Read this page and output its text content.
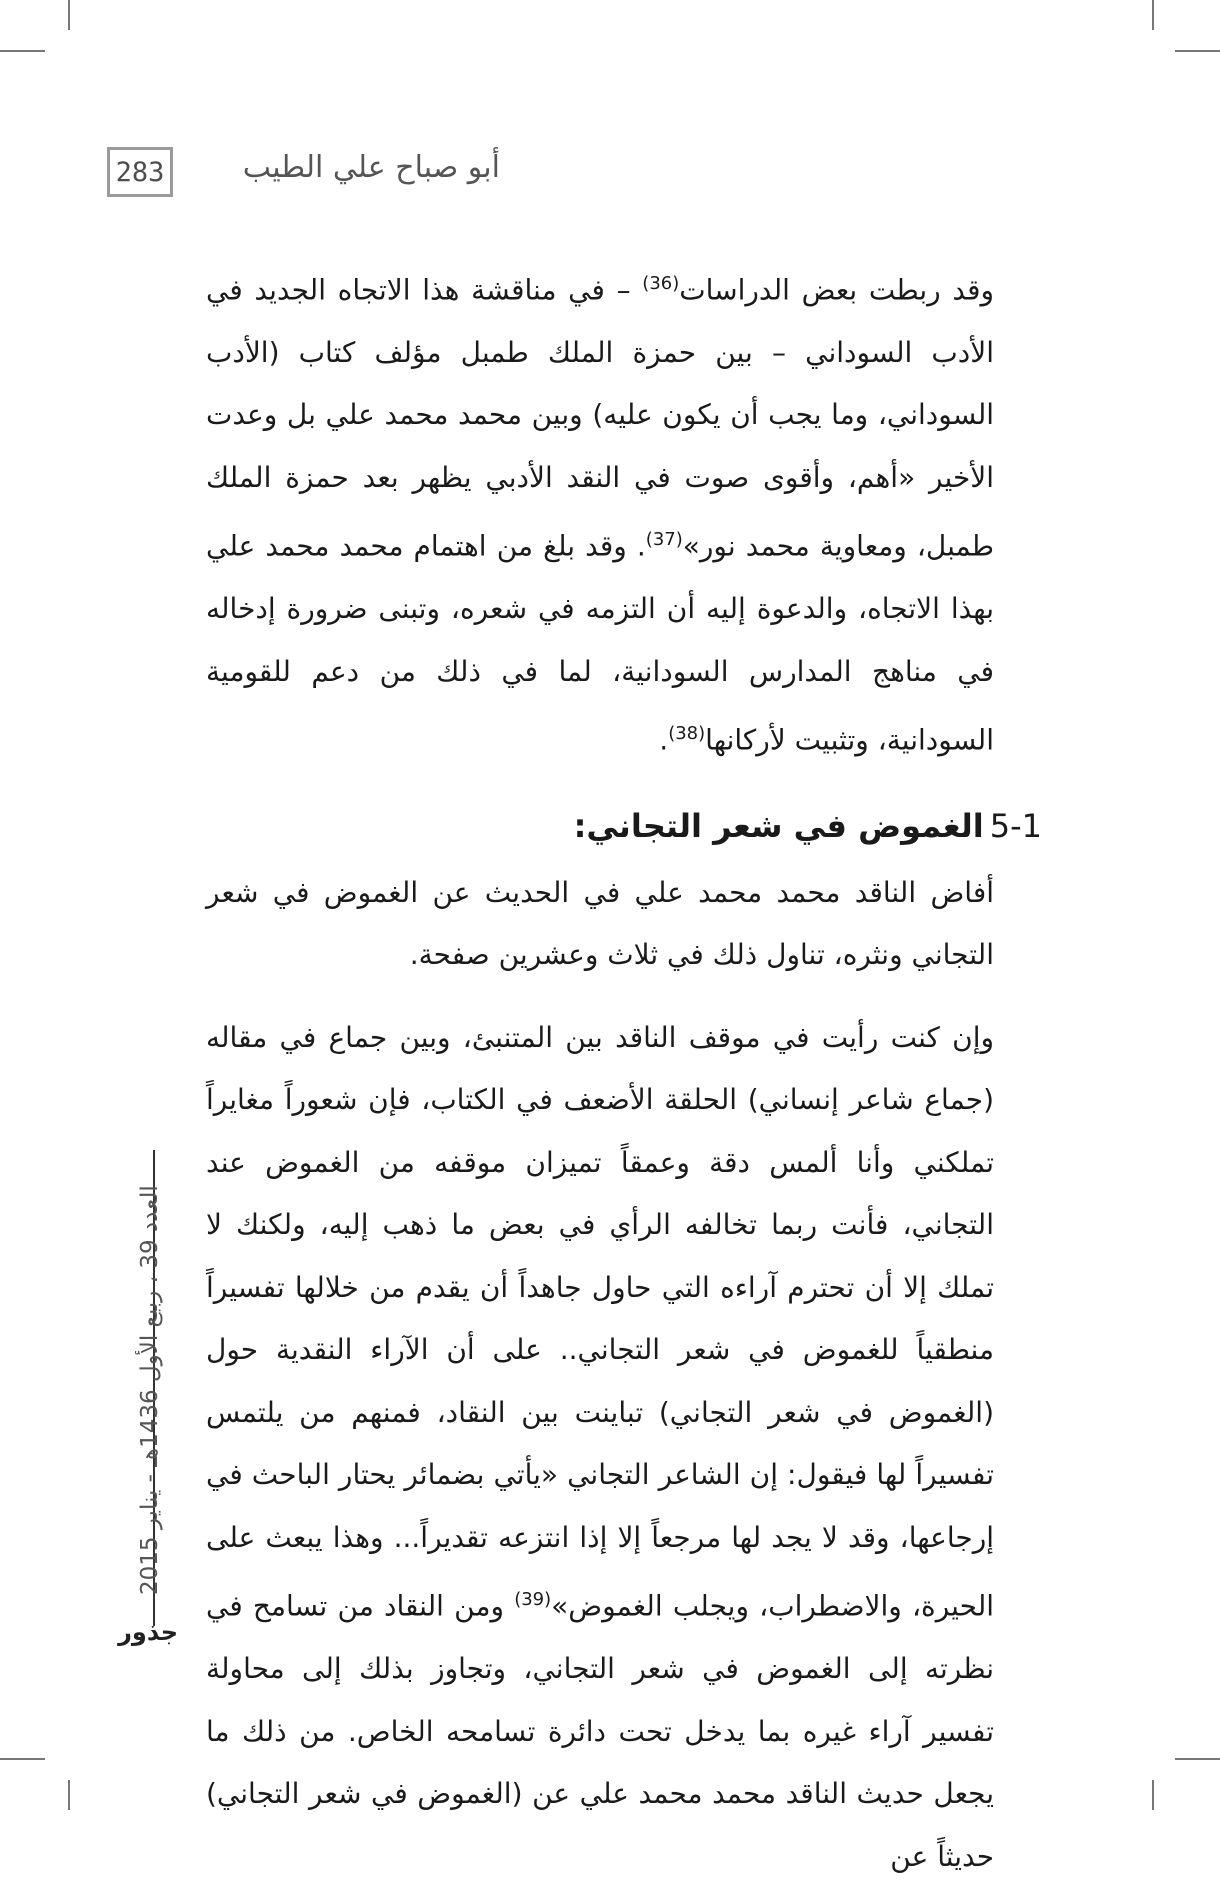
283	أبو صباح علي الطيب

وقد ربطت بعض الدراسات$^{(36)}$ – في مناقشة هذا الاتجاه الجديد في الأدب السوداني – بين حمزة الملك طمبل مؤلف كتاب (الأدب السوداني، وما يجب أن يكون عليه) وبين محمد محمد علي بل وعدت الأخير «أهم، وأقوى صوت في النقد الأدبي يظهر بعد حمزة الملك طمبل، ومعاوية محمد نور»$^{(37)}$. وقد بلغ من اهتمام محمد محمد علي بهذا الاتجاه، والدعوة إليه أن التزمه في شعره، وتبنى ضرورة إدخاله في مناهج المدارس السودانية، لما في ذلك من دعم للقومية السودانية، وتثبيت لأركانها$^{(38)}$.

5-1الغموض في شعر التجاني:

أفاض الناقد محمد محمد علي في الحديث عن الغموض في شعر التجاني ونثره، تناول ذلك في ثلاث وعشرين صفحة.

وإن كنت رأيت في موقف الناقد بين المتنبئ، وبين جماع في مقاله (جماع شاعر إنساني) الحلقة الأضعف في الكتاب، فإن شعوراً مغايراً تملكني وأنا ألمس دقة وعمقاً تميزان موقفه من الغموض عند التجاني، فأنت ربما تخالفه الرأي في بعض ما ذهب إليه، ولكنك لا تملك إلا أن تحترم آراءه التي حاول جاهداً أن يقدم من خلالها تفسيراً منطقياً للغموض في شعر التجاني.. على أن الآراء النقدية حول (الغموض في شعر التجاني) تباينت بين النقاد، فمنهم من يلتمس تفسيراً لها فيقول: إن الشاعر التجاني «يأتي بضمائر يحتار الباحث في إرجاعها، وقد لا يجد لها مرجعاً إلا إذا انتزعه تقديراً... وهذا يبعث على الحيرة، والاضطراب، ويجلب الغموض»$^{(39)}$ ومن النقاد من تسامح في نظرته إلى الغموض في شعر التجاني، وتجاوز بذلك إلى محاولة تفسير آراء غيره بما يدخل تحت دائرة تسامحه الخاص. من ذلك ما يجعل حديث الناقد محمد محمد علي عن (الغموض في شعر التجاني) حديثاً عن

العدد 39 ، ربيع الأول 1436هـ - يناير 2015
جذور
